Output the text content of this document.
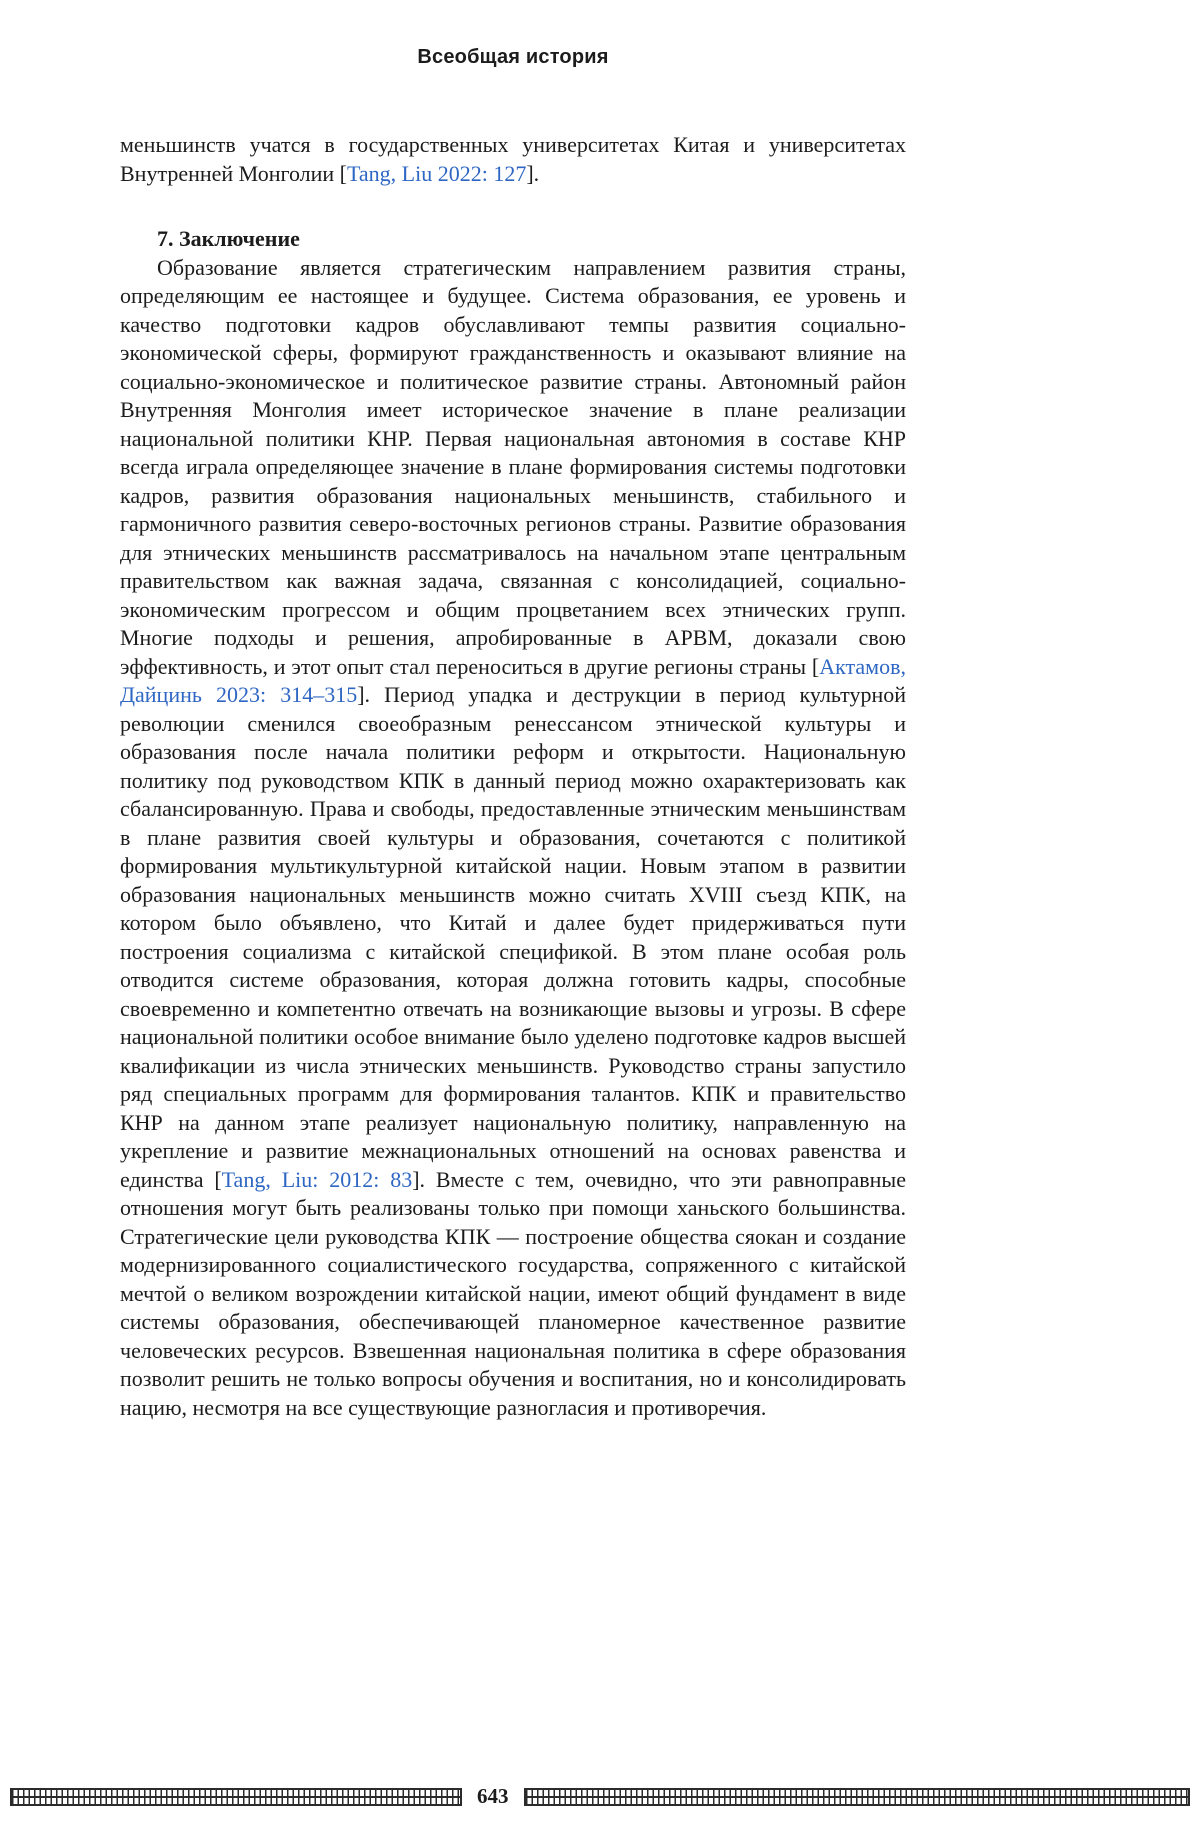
Всеобщая история

меньшинств учатся в государственных университетах Китая и университетах Внутренней Монголии [Tang, Liu 2022: 127].

7. Заключение

Образование является стратегическим направлением развития страны, определяющим ее настоящее и будущее. Система образования, ее уровень и качество подготовки кадров обуславливают темпы развития социально-экономической сферы, формируют гражданственность и оказывают влияние на социально-экономическое и политическое развитие страны. Автономный район Внутренняя Монголия имеет историческое значение в плане реализации национальной политики КНР. Первая национальная автономия в составе КНР всегда играла определяющее значение в плане формирования системы подготовки кадров, развития образования национальных меньшинств, стабильного и гармоничного развития северо-восточных регионов страны. Развитие образования для этнических меньшинств рассматривалось на начальном этапе центральным правительством как важная задача, связанная с консолидацией, социально-экономическим прогрессом и общим процветанием всех этнических групп. Многие подходы и решения, апробированные в АРВМ, доказали свою эффективность, и этот опыт стал переноситься в другие регионы страны [Актамов, Дайцинь 2023: 314–315]. Период упадка и деструкции в период культурной революции сменился своеобразным ренессансом этнической культуры и образования после начала политики реформ и открытости. Национальную политику под руководством КПК в данный период можно охарактеризовать как сбалансированную. Права и свободы, предоставленные этническим меньшинствам в плане развития своей культуры и образования, сочетаются с политикой формирования мультикультурной китайской нации. Новым этапом в развитии образования национальных меньшинств можно считать XVIII съезд КПК, на котором было объявлено, что Китай и далее будет придерживаться пути построения социализма с китайской спецификой. В этом плане особая роль отводится системе образования, которая должна готовить кадры, способные своевременно и компетентно отвечать на возникающие вызовы и угрозы. В сфере национальной политики особое внимание было уделено подготовке кадров высшей квалификации из числа этнических меньшинств. Руководство страны запустило ряд специальных программ для формирования талантов. КПК и правительство КНР на данном этапе реализует национальную политику, направленную на укрепление и развитие межнациональных отношений на основах равенства и единства [Tang, Liu: 2012: 83]. Вместе с тем, очевидно, что эти равноправные отношения могут быть реализованы только при помощи ханьского большинства. Стратегические цели руководства КПК — построение общества сяокан и создание модернизированного социалистического государства, сопряженного с китайской мечтой о великом возрождении китайской нации, имеют общий фундамент в виде системы образования, обеспечивающей планомерное качественное развитие человеческих ресурсов. Взвешенная национальная политика в сфере образования позволит решить не только вопросы обучения и воспитания, но и консолидировать нацию, несмотря на все существующие разногласия и противоречия.

643
